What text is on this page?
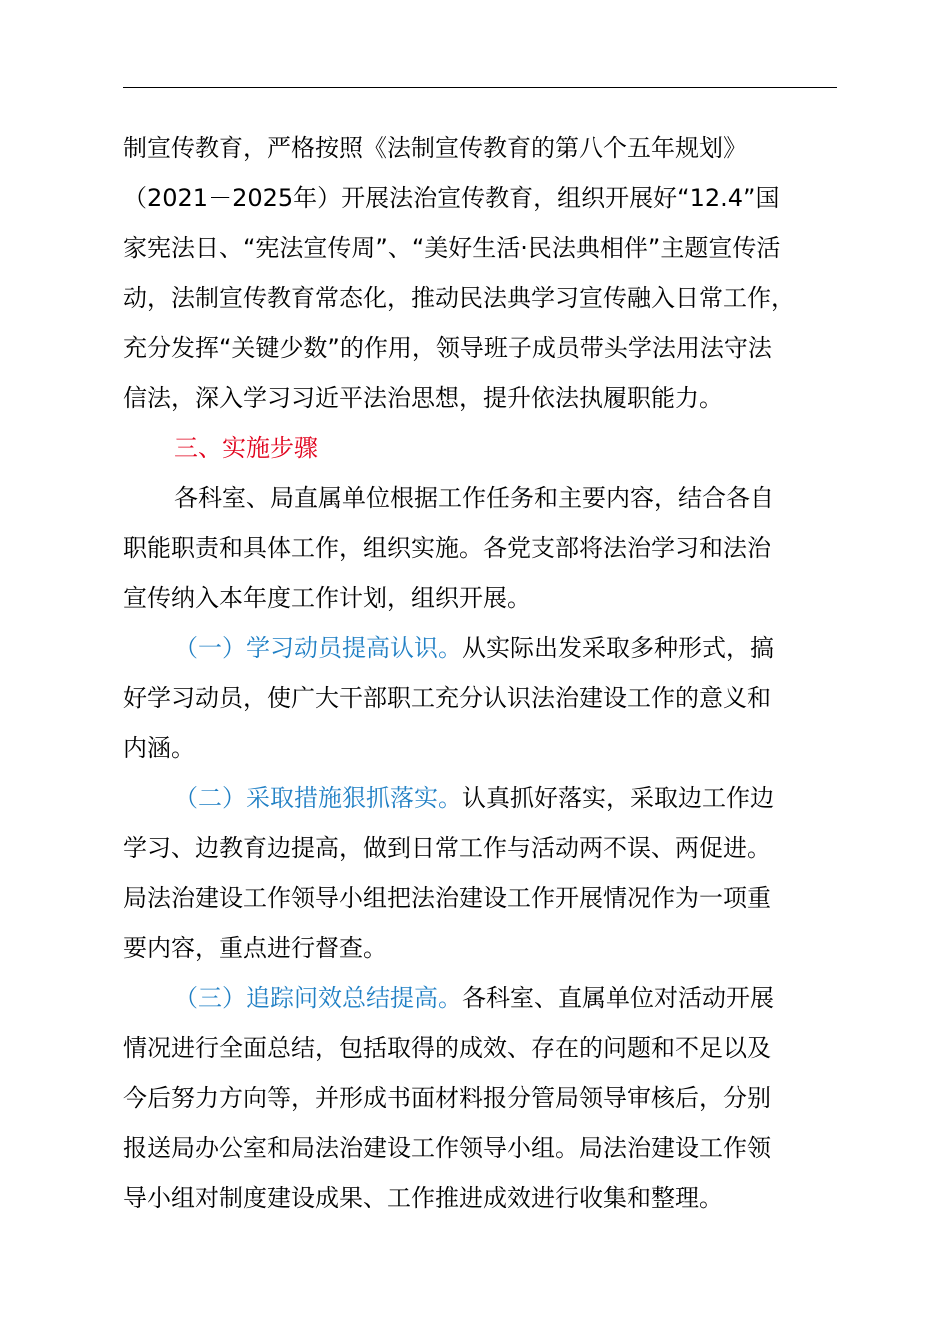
制宣传教育，严格按照《法制宣传教育的第八个五年规划》
（2021－2025年）开展法治宣传教育，组织开展好“12.4”国
家宪法日、“宪法宣传周”、“美好生活·民法典相伴”主题宣传活
动，法制宣传教育常态化，推动民法典学习宣传融入日常工作，
充分发挥“关键少数”的作用，领导班子成员带头学法用法守法
信法，深入学习习近平法治思想，提升依法执履职能力。
三、实施步骤
各科室、局直属单位根据工作任务和主要内容，结合各自
职能职责和具体工作，组织实施。各党支部将法治学习和法治
宣传纳入本年度工作计划，组织开展。
（一）学习动员提高认识。从实际出发采取多种形式，搞
好学习动员，使广大干部职工充分认识法治建设工作的意义和
内涵。
（二）采取措施狠抓落实。认真抓好落实，采取边工作边
学习、边教育边提高，做到日常工作与活动两不误、两促进。
局法治建设工作领导小组把法治建设工作开展情况作为一项重
要内容，重点进行督查。
（三）追踪问效总结提高。各科室、直属单位对活动开展
情况进行全面总结，包括取得的成效、存在的问题和不足以及
今后努力方向等，并形成书面材料报分管局领导审核后，分别
报送局办公室和局法治建设工作领导小组。局法治建设工作领
导小组对制度建设成果、工作推进成效进行收集和整理。
